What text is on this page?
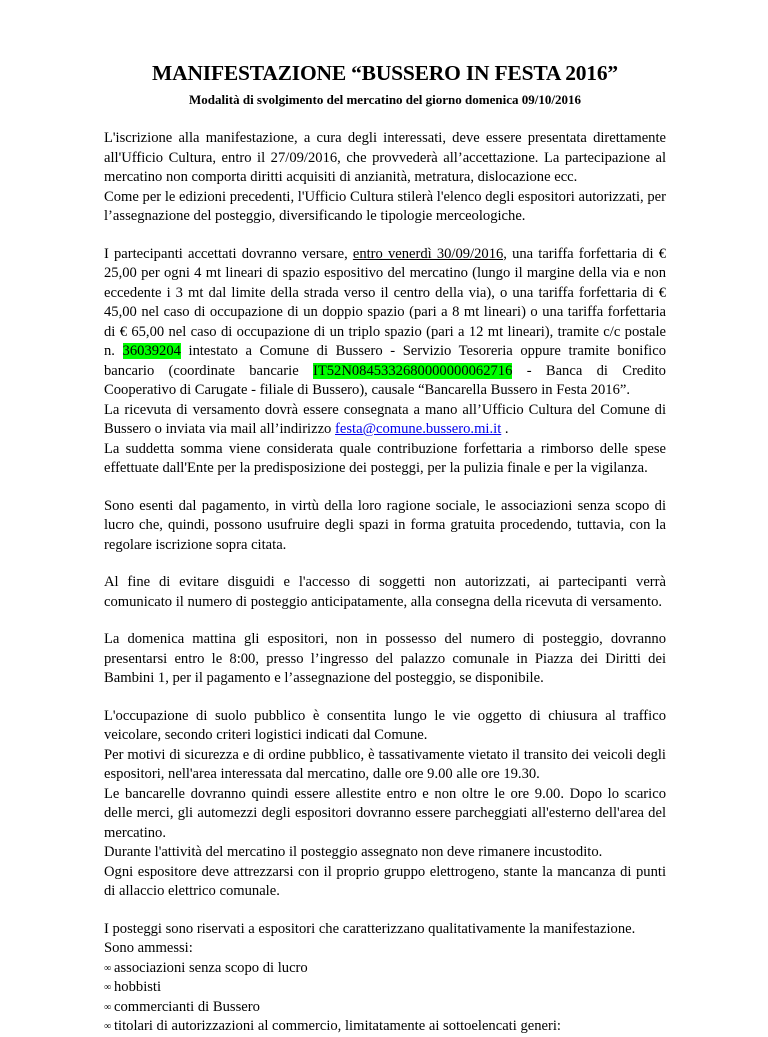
MANIFESTAZIONE “BUSSERO IN FESTA 2016”
Modalità di svolgimento del mercatino del giorno domenica 09/10/2016

L'iscrizione alla manifestazione, a cura degli interessati, deve essere presentata direttamente all'Ufficio Cultura, entro il 27/09/2016, che provvederà all’accettazione. La partecipazione al mercatino non comporta diritti acquisiti di anzianità, metratura, dislocazione ecc.

Come per le edizioni precedenti, l'Ufficio Cultura stilerà l'elenco degli espositori autorizzati, per l’assegnazione del posteggio, diversificando le tipologie merceologiche.

I partecipanti accettati dovranno versare, entro venerdì 30/09/2016, una tariffa forfettaria di € 25,00 per ogni 4 mt lineari di spazio espositivo del mercatino (lungo il margine della via e non eccedente i 3 mt dal limite della strada verso il centro della via), o una tariffa forfettaria di € 45,00 nel caso di occupazione di un doppio spazio (pari a 8 mt lineari) o una tariffa forfettaria di € 65,00 nel caso di occupazione di un triplo spazio (pari a 12 mt lineari), tramite c/c postale n. 36039204 intestato a Comune di Bussero - Servizio Tesoreria oppure tramite bonifico bancario (coordinate bancarie IT52N0845332680000000062716 - Banca di Credito Cooperativo di Carugate - filiale di Bussero), causale “Bancarella Bussero in Festa 2016”.

La ricevuta di versamento dovrà essere consegnata a mano all’Ufficio Cultura del Comune di Bussero o inviata via mail all’indirizzo festa@comune.bussero.mi.it .

La suddetta somma viene considerata quale contribuzione forfettaria a rimborso delle spese effettuate dall'Ente per la predisposizione dei posteggi, per la pulizia finale e per la vigilanza.

Sono esenti dal pagamento, in virtù della loro ragione sociale, le associazioni senza scopo di lucro che, quindi, possono usufruire degli spazi in forma gratuita procedendo, tuttavia, con la regolare iscrizione sopra citata.

Al fine di evitare disguidi e l'accesso di soggetti non autorizzati, ai partecipanti verrà comunicato il numero di posteggio anticipatamente, alla consegna della ricevuta di versamento.

La domenica mattina gli espositori, non in possesso del numero di posteggio, dovranno presentarsi entro le 8:00, presso l’ingresso del palazzo comunale in Piazza dei Diritti dei Bambini 1, per il pagamento e l’assegnazione del posteggio, se disponibile.

L'occupazione di suolo pubblico è consentita lungo le vie oggetto di chiusura al traffico veicolare, secondo criteri logistici indicati dal Comune.

Per motivi di sicurezza e di ordine pubblico, è tassativamente vietato il transito dei veicoli degli espositori, nell'area interessata dal mercatino, dalle ore 9.00 alle ore 19.30.

Le bancarelle dovranno quindi essere allestite entro e non oltre le ore 9.00. Dopo lo scarico delle merci, gli automezzi degli espositori dovranno essere parcheggiati all'esterno dell'area del mercatino.

Durante l'attività del mercatino il posteggio assegnato non deve rimanere incustodito.

Ogni espositore deve attrezzarsi con il proprio gruppo elettrogeno, stante la mancanza di punti di allaccio elettrico comunale.

I posteggi sono riservati a espositori che caratterizzano qualitativamente la manifestazione.

Sono ammessi:

∞ associazioni senza scopo di lucro
∞ hobbisti
∞ commercianti di Bussero
∞ titolari di autorizzazioni al commercio, limitatamente ai sottoelencati generi:
